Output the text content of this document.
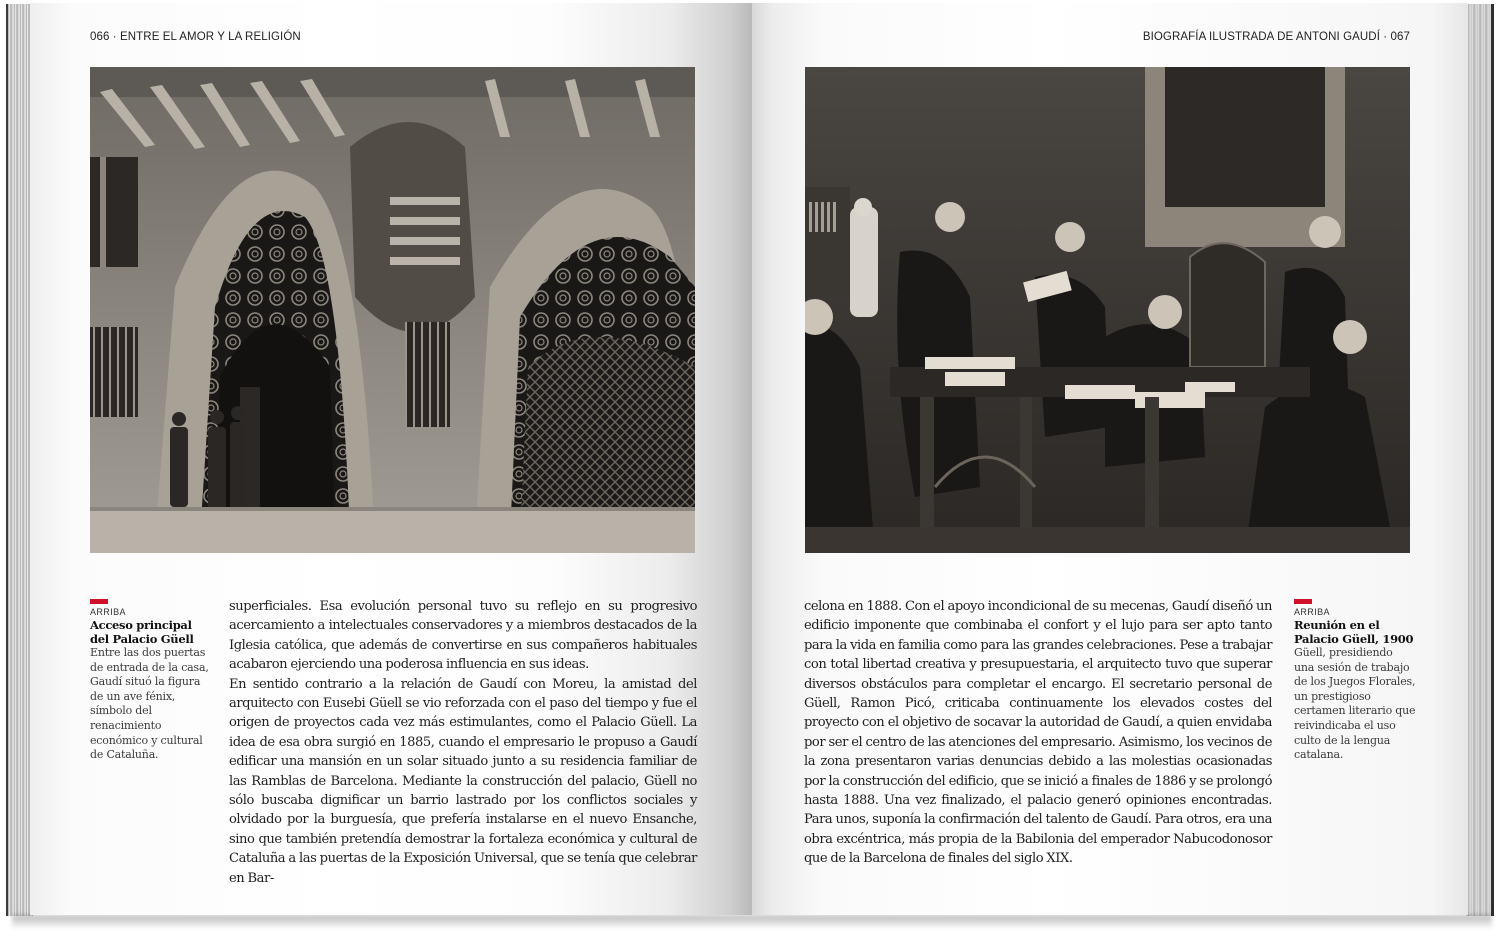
066 · ENTRE EL AMOR Y LA RELIGIÓN
ARRIBA
Acceso principal del Palacio Güell
Entre las dos puertas de entrada de la casa, Gaudí situó la figura de un ave fénix, símbolo del renacimiento económico y cultural de Cataluña.

superficiales. Esa evolución personal tuvo su reflejo en su progresivo acercamiento a intelectuales conservadores y a miembros destacados de la Iglesia católica, que además de convertirse en sus compañeros habituales acabaron ejerciendo una poderosa influencia en sus ideas.

En sentido contrario a la relación de Gaudí con Moreu, la amistad del arquitecto con Eusebi Güell se vio reforzada con el paso del tiempo y fue el origen de proyectos cada vez más estimulantes, como el Palacio Güell. La idea de esa obra surgió en 1885, cuando el empresario le propuso a Gaudí edificar una mansión en un solar situado junto a su residencia familiar de las Ramblas de Barcelona. Mediante la construcción del palacio, Güell no sólo buscaba dignificar un barrio lastrado por los conflictos sociales y olvidado por la burguesía, que prefería instalarse en el nuevo Ensanche, sino que también pretendía demostrar la fortaleza económica y cultural de Cataluña a las puertas de la Exposición Universal, que se tenía que celebrar en Bar-

BIOGRAFÍA ILUSTRADA DE ANTONI GAUDÍ · 067

celona en 1888. Con el apoyo incondicional de su mecenas, Gaudí diseñó un edificio imponente que combinaba el confort y el lujo para ser apto tanto para la vida en familia como para las grandes celebraciones. Pese a trabajar con total libertad creativa y presupuestaria, el arquitecto tuvo que superar diversos obstáculos para completar el encargo. El secretario personal de Güell, Ramon Picó, criticaba continuamente los elevados costes del proyecto con el objetivo de socavar la autoridad de Gaudí, a quien envidaba por ser el centro de las atenciones del empresario. Asimismo, los vecinos de la zona presentaron varias denuncias debido a las molestias ocasionadas por la construcción del edificio, que se inició a finales de 1886 y se prolongó hasta 1888. Una vez finalizado, el palacio generó opiniones encontradas. Para unos, suponía la confirmación del talento de Gaudí. Para otros, era una obra excéntrica, más propia de la Babilonia del emperador Nabucodonosor que de la Barcelona de finales del siglo XIX.

ARRIBA
Reunión en el Palacio Güell, 1900
Güell, presidiendo una sesión de trabajo de los Juegos Florales, un prestigioso certamen literario que reivindicaba el uso culto de la lengua catalana.
